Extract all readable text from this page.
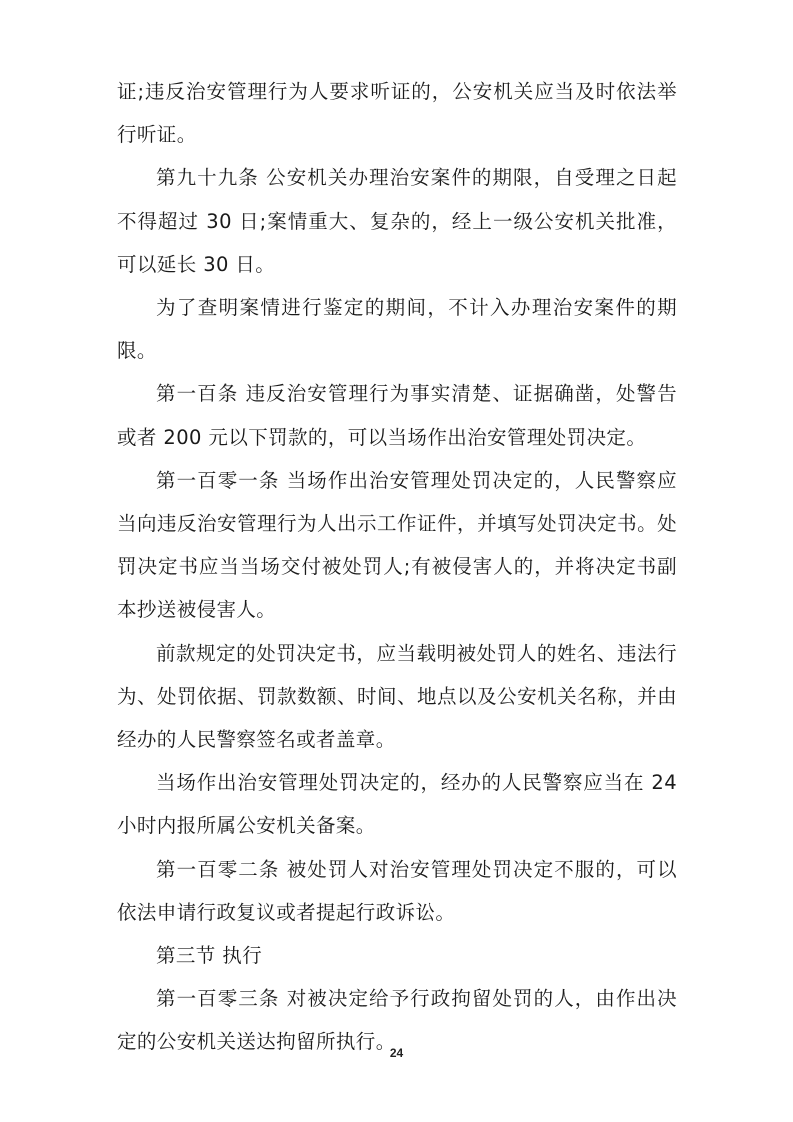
证;违反治安管理行为人要求听证的，公安机关应当及时依法举行听证。

第九十九条 公安机关办理治安案件的期限，自受理之日起不得超过 30 日;案情重大、复杂的，经上一级公安机关批准，可以延长 30 日。

为了查明案情进行鉴定的期间，不计入办理治安案件的期限。

第一百条 违反治安管理行为事实清楚、证据确凿，处警告或者 200 元以下罚款的，可以当场作出治安管理处罚决定。

第一百零一条 当场作出治安管理处罚决定的，人民警察应当向违反治安管理行为人出示工作证件，并填写处罚决定书。处罚决定书应当当场交付被处罚人;有被侵害人的，并将决定书副本抄送被侵害人。

前款规定的处罚决定书，应当载明被处罚人的姓名、违法行为、处罚依据、罚款数额、时间、地点以及公安机关名称，并由经办的人民警察签名或者盖章。

当场作出治安管理处罚决定的，经办的人民警察应当在 24 小时内报所属公安机关备案。

第一百零二条 被处罚人对治安管理处罚决定不服的，可以依法申请行政复议或者提起行政诉讼。

第三节 执行

第一百零三条 对被决定给予行政拘留处罚的人，由作出决定的公安机关送达拘留所执行。

24
